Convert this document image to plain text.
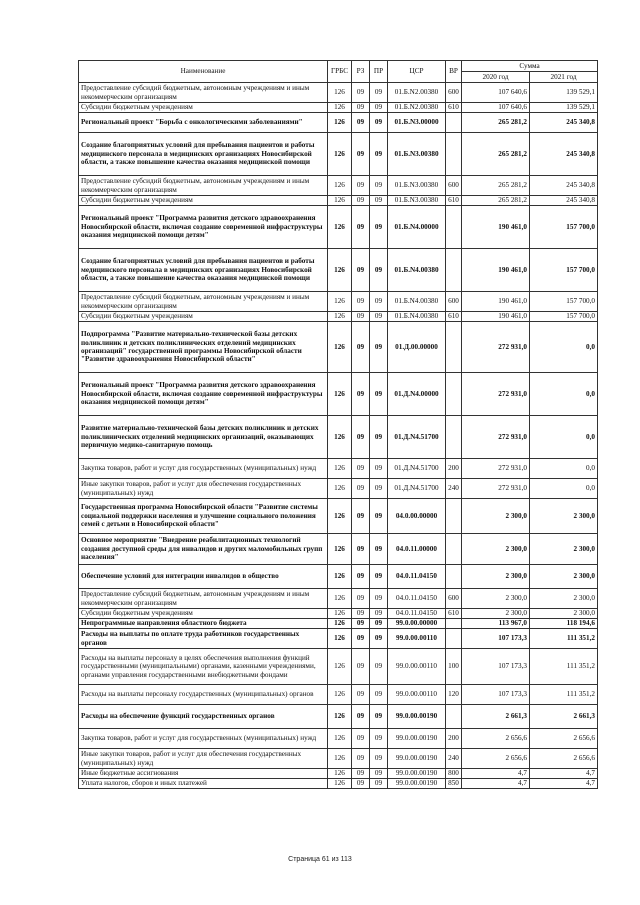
Наименование	ГРБС	РЗ	ПР	ЦСР	ВР	Сумма	
						2020 год	2021 год
Предоставление субсидий бюджетным, автономным учреждениям и иным некоммерческим организациям	126	09	09	01.Б.N2.00380	600	107 640,6	139 529,1
Субсидии бюджетным учреждениям	126	09	09	01.Б.N2.00380	610	107 640,6	139 529,1
Региональный проект "Борьба с онкологическими заболеваниями"	126	09	09	01.Б.N3.00000		265 281,2	245 340,8
Создание благоприятных условий для пребывания пациентов и работы медицинского персонала в медицинских организациях Новосибирской области, а также повышение качества оказания медицинской помощи	126	09	09	01.Б.N3.00380		265 281,2	245 340,8
Предоставление субсидий бюджетным, автономным учреждениям и иным некоммерческим организациям	126	09	09	01.Б.N3.00380	600	265 281,2	245 340,8
Субсидии бюджетным учреждениям	126	09	09	01.Б.N3.00380	610	265 281,2	245 340,8
Региональный проект "Программа развития детского здравоохранения Новосибирской области, включая создание современной инфраструктуры оказания медицинской помощи детям"	126	09	09	01.Б.N4.00000		190 461,0	157 700,0
Создание благоприятных условий для пребывания пациентов и работы медицинского персонала в медицинских организациях Новосибирской области, а также повышение качества оказания медицинской помощи	126	09	09	01.Б.N4.00380		190 461,0	157 700,0
Предоставление субсидий бюджетным, автономным учреждениям и иным некоммерческим организациям	126	09	09	01.Б.N4.00380	600	190 461,0	157 700,0
Субсидии бюджетным учреждениям	126	09	09	01.Б.N4.00380	610	190 461,0	157 700,0
Подпрограмма "Развитие материально-технической базы детских поликлиник и детских поликлинических отделений медицинских организаций" государственной программы Новосибирской области "Развитие здравоохранения Новосибирской области"	126	09	09	01.Д.00.00000		272 931,0	0,0
Региональный проект "Программа развития детского здравоохранения Новосибирской области, включая создание современной инфраструктуры оказания медицинской помощи детям"	126	09	09	01.Д.N4.00000		272 931,0	0,0
Развитие материально-технической базы детских поликлиник и детских поликлинических отделений медицинских организаций, оказывающих первичную медико-санитарную помощь	126	09	09	01.Д.N4.51700		272 931,0	0,0
Закупка товаров, работ и услуг для государственных (муниципальных) нужд	126	09	09	01.Д.N4.51700	200	272 931,0	0,0
Иные закупки товаров, работ и услуг для обеспечения государственных (муниципальных) нужд	126	09	09	01.Д.N4.51700	240	272 931,0	0,0
Государственная программа Новосибирской области "Развитие системы социальной поддержки населения и улучшение социального положения семей с детьми в Новосибирской области"	126	09	09	04.0.00.00000		2 300,0	2 300,0
Основное мероприятие "Внедрение реабилитационных технологий создания доступной среды для инвалидов и других маломобильных групп населения"	126	09	09	04.0.11.00000		2 300,0	2 300,0
Обеспечение условий для интеграции инвалидов в общество	126	09	09	04.0.11.04150		2 300,0	2 300,0
Предоставление субсидий бюджетным, автономным учреждениям и иным некоммерческим организациям	126	09	09	04.0.11.04150	600	2 300,0	2 300,0
Субсидии бюджетным учреждениям	126	09	09	04.0.11.04150	610	2 300,0	2 300,0
Непрограммные направления областного бюджета	126	09	09	99.0.00.00000		113 967,0	118 194,6
Расходы на выплаты по оплате труда работников государственных органов	126	09	09	99.0.00.00110		107 173,3	111 351,2
Расходы на выплаты персоналу в целях обеспечения выполнения функций государственными (муниципальными) органами, казенными учреждениями, органами управления государственными внебюджетными фондами	126	09	09	99.0.00.00110	100	107 173,3	111 351,2
Расходы на выплаты персоналу государственных (муниципальных) органов	126	09	09	99.0.00.00110	120	107 173,3	111 351,2
Расходы на обеспечение функций государственных органов	126	09	09	99.0.00.00190		2 661,3	2 661,3
Закупка товаров, работ и услуг для государственных (муниципальных) нужд	126	09	09	99.0.00.00190	200	2 656,6	2 656,6
Иные закупки товаров, работ и услуг для обеспечения государственных (муниципальных) нужд	126	09	09	99.0.00.00190	240	2 656,6	2 656,6
Иные бюджетные ассигнования	126	09	09	99.0.00.00190	800	4,7	4,7
Уплата налогов, сборов и иных платежей	126	09	09	99.0.00.00190	850	4,7	4,7
Страница 61 из 113
